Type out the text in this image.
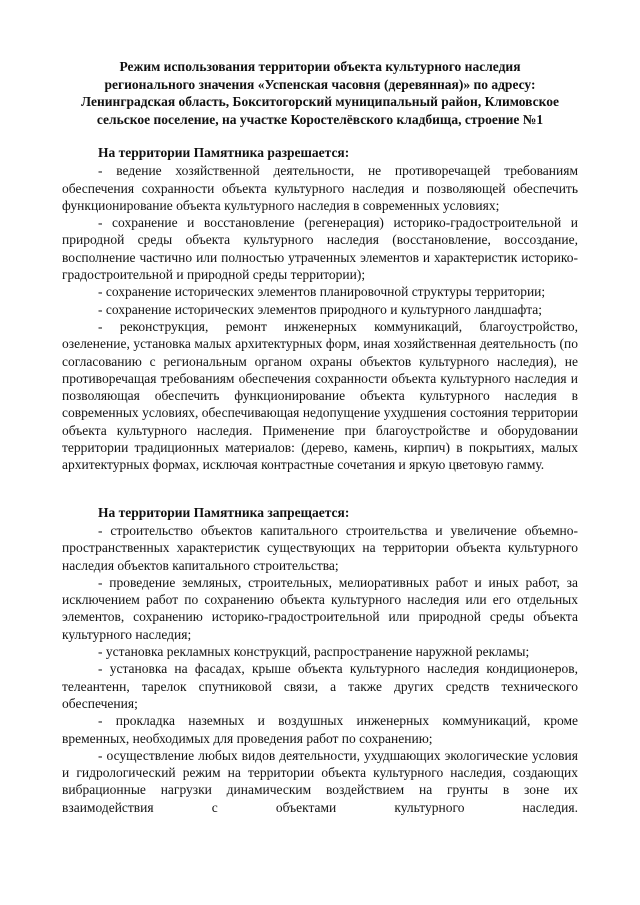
Режим использования территории объекта культурного наследия
регионального значения «Успенская часовня (деревянная)» по адресу:
Ленинградская область, Бокситогорский муниципальный район, Климовское
сельское поселение, на участке Коростелёвского кладбища, строение №1
На территории Памятника разрешается:

- ведение хозяйственной деятельности, не противоречащей требованиям обеспечения сохранности объекта культурного наследия и позволяющей обеспечить функционирование объекта культурного наследия в современных условиях;

- сохранение и восстановление (регенерация) историко-градостроительной и природной среды объекта культурного наследия (восстановление, воссоздание, восполнение частично или полностью утраченных элементов и характеристик историко-градостроительной и природной среды территории);

- сохранение исторических элементов планировочной структуры территории;

- сохранение исторических элементов природного и культурного ландшафта;

- реконструкция, ремонт инженерных коммуникаций, благоустройство, озеленение, установка малых архитектурных форм, иная хозяйственная деятельность (по согласованию с региональным органом охраны объектов культурного наследия), не противоречащая требованиям обеспечения сохранности объекта культурного наследия и позволяющая обеспечить функционирование объекта культурного наследия в современных условиях, обеспечивающая недопущение ухудшения состояния территории объекта культурного наследия. Применение при благоустройстве и оборудовании территории традиционных материалов: (дерево, камень, кирпич) в покрытиях, малых архитектурных формах, исключая контрастные сочетания и яркую цветовую гамму.

На территории Памятника запрещается:

- строительство объектов капитального строительства и увеличение объемно-пространственных характеристик существующих на территории объекта культурного наследия объектов капитального строительства;

- проведение земляных, строительных, мелиоративных работ и иных работ, за исключением работ по сохранению объекта культурного наследия или его отдельных элементов, сохранению историко-градостроительной или природной среды объекта культурного наследия;

- установка рекламных конструкций, распространение наружной рекламы;

- установка на фасадах, крыше объекта культурного наследия кондиционеров, телеантенн, тарелок спутниковой связи, а также других средств технического обеспечения;

- прокладка наземных и воздушных инженерных коммуникаций, кроме временных, необходимых для проведения работ по сохранению;

- осуществление любых видов деятельности, ухудшающих экологические условия и гидрологический режим на территории объекта культурного наследия, создающих вибрационные нагрузки динамическим воздействием на грунты в зоне их взаимодействия с объектами культурного наследия.
